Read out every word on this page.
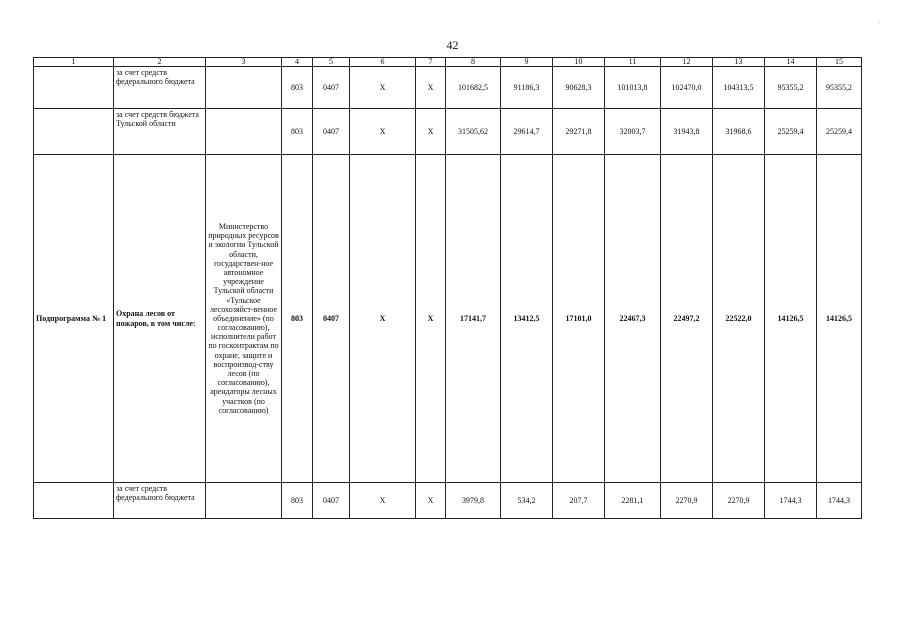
42
·
1	2	3	4	5	6	7	8	9	10	11	12	13	14	15
	за счет средств федерального бюджета		803	0407	X	X	101682,5	91186,3	90628,3	101013,8	102470,0	104313,5	95355,2	95355,2
	за счет средств бюджета Тульской области		803	0407	X	X	31505,62	29614,7	29271,8	32003,7	31943,8	31968,6	25259,4	25259,4
Подпрограмма № 1	Охрана лесов от пожаров, в том числе:	Министерство природных ресурсов и экологии Тульской области, государствен-ное автономное учреждение Тульской области «Тульское лесохозяйст-венное объединение» (по согласованию), исполнители работ по госконтрактам по охране, защите и воспроизвод-ству лесов (по согласованию), арендаторы лесных участков (по согласованию)	803	0407	X	X	17141,7	13412,5	17101,0	22467,3	22497,2	22522,0	14126,5	14126,5
	за счет средств федерального бюджета		803	0407	X	X	3979,8	534,2	207,7	2281,1	2270,9	2270,9	1744,3	1744,3
